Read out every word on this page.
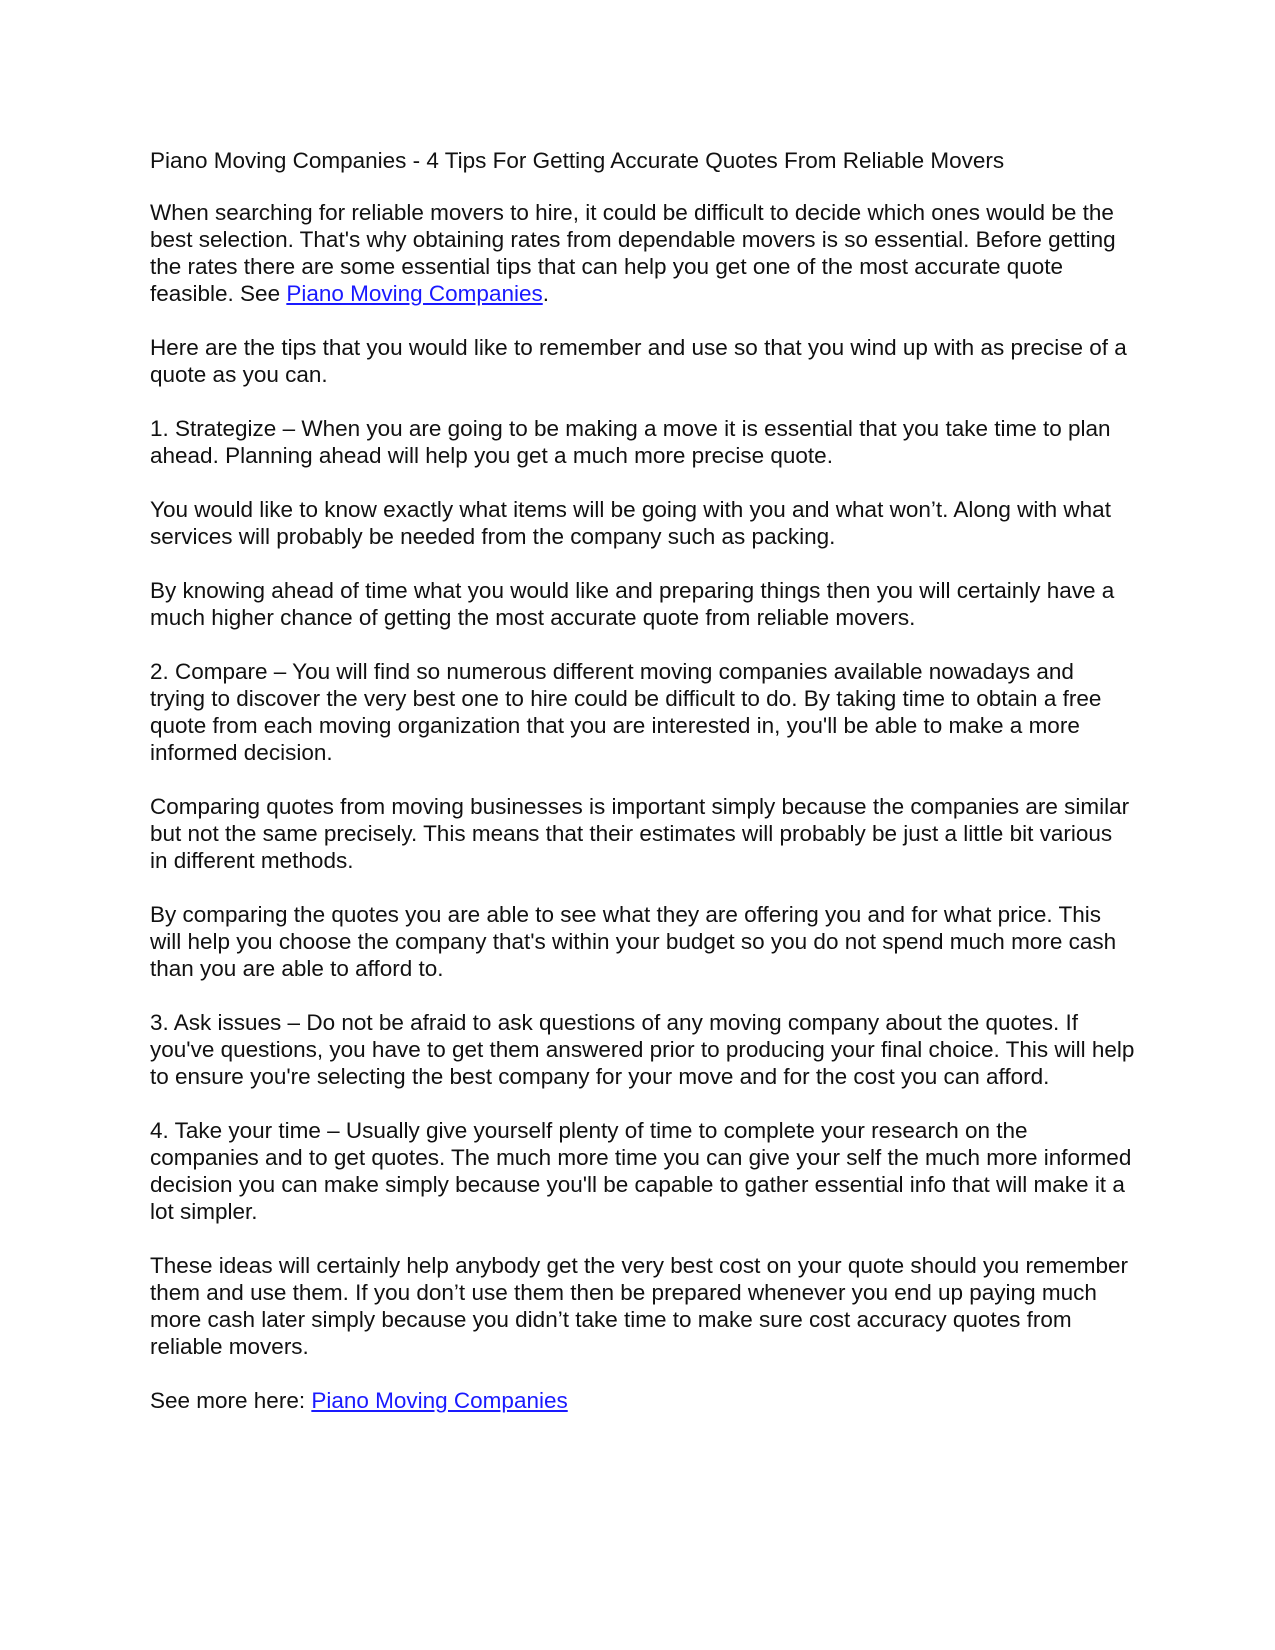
Piano Moving Companies - 4 Tips For Getting Accurate Quotes From Reliable Movers

When searching for reliable movers to hire, it could be difficult to decide which ones would be the best selection. That's why obtaining rates from dependable movers is so essential. Before getting the rates there are some essential tips that can help you get one of the most accurate quote feasible. See Piano Moving Companies.

Here are the tips that you would like to remember and use so that you wind up with as precise of a quote as you can.

1. Strategize – When you are going to be making a move it is essential that you take time to plan ahead. Planning ahead will help you get a much more precise quote.

You would like to know exactly what items will be going with you and what won’t. Along with what services will probably be needed from the company such as packing.

By knowing ahead of time what you would like and preparing things then you will certainly have a much higher chance of getting the most accurate quote from reliable movers.

2. Compare – You will find so numerous different moving companies available nowadays and trying to discover the very best one to hire could be difficult to do. By taking time to obtain a free quote from each moving organization that you are interested in, you'll be able to make a more informed decision.

Comparing quotes from moving businesses is important simply because the companies are similar but not the same precisely. This means that their estimates will probably be just a little bit various in different methods.

By comparing the quotes you are able to see what they are offering you and for what price. This will help you choose the company that's within your budget so you do not spend much more cash than you are able to afford to.

3. Ask issues – Do not be afraid to ask questions of any moving company about the quotes. If you've questions, you have to get them answered prior to producing your final choice. This will help to ensure you're selecting the best company for your move and for the cost you can afford.

4. Take your time – Usually give yourself plenty of time to complete your research on the companies and to get quotes. The much more time you can give your self the much more informed decision you can make simply because you'll be capable to gather essential info that will make it a lot simpler.

These ideas will certainly help anybody get the very best cost on your quote should you remember them and use them. If you don’t use them then be prepared whenever you end up paying much more cash later simply because you didn’t take time to make sure cost accuracy quotes from reliable movers.

See more here: Piano Moving Companies
